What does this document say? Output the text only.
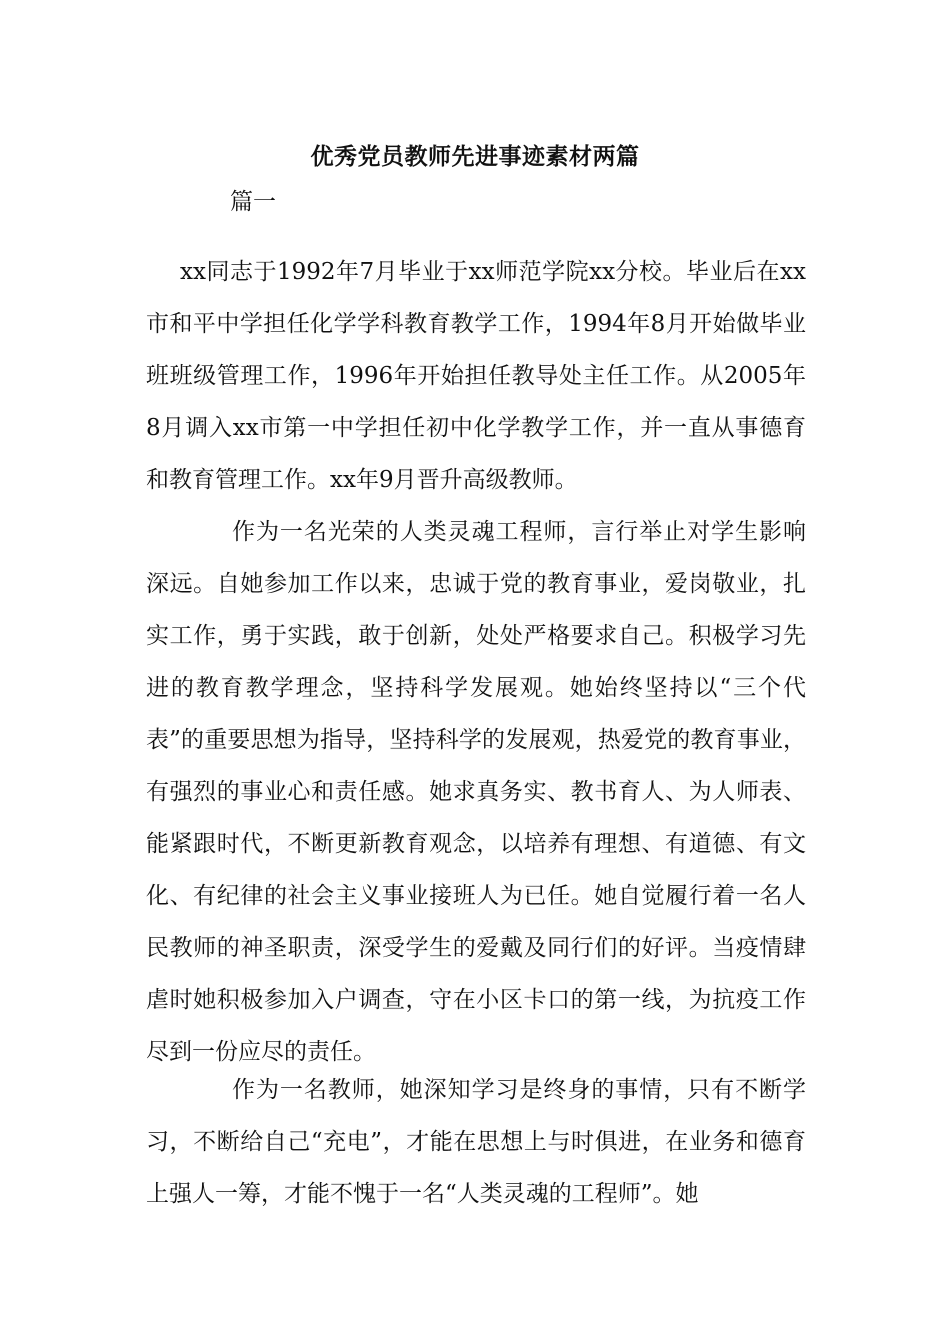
优秀党员教师先进事迹素材两篇
篇一
xx同志于1992年7月毕业于xx师范学院xx分校。毕业后在xx市和平中学担任化学学科教育教学工作，1994年8月开始做毕业班班级管理工作，1996年开始担任教导处主任工作。从2005年8月调入xx市第一中学担任初中化学教学工作，并一直从事德育和教育管理工作。xx年9月晋升高级教师。
作为一名光荣的人类灵魂工程师，言行举止对学生影响深远。自她参加工作以来，忠诚于党的教育事业，爱岗敬业，扎实工作，勇于实践，敢于创新，处处严格要求自己。积极学习先进的教育教学理念，坚持科学发展观。她始终坚持以“三个代表”的重要思想为指导，坚持科学的发展观，热爱党的教育事业，有强烈的事业心和责任感。她求真务实、教书育人、为人师表、能紧跟时代，不断更新教育观念，以培养有理想、有道德、有文化、有纪律的社会主义事业接班人为已任。她自觉履行着一名人民教师的神圣职责，深受学生的爱戴及同行们的好评。当疫情肆虐时她积极参加入户调查，守在小区卡口的第一线，为抗疫工作尽到一份应尽的责任。
作为一名教师，她深知学习是终身的事情，只有不断学习，不断给自己“充电”，才能在思想上与时俱进，在业务和德育上强人一筹，才能不愧于一名“人类灵魂的工程师”。她
